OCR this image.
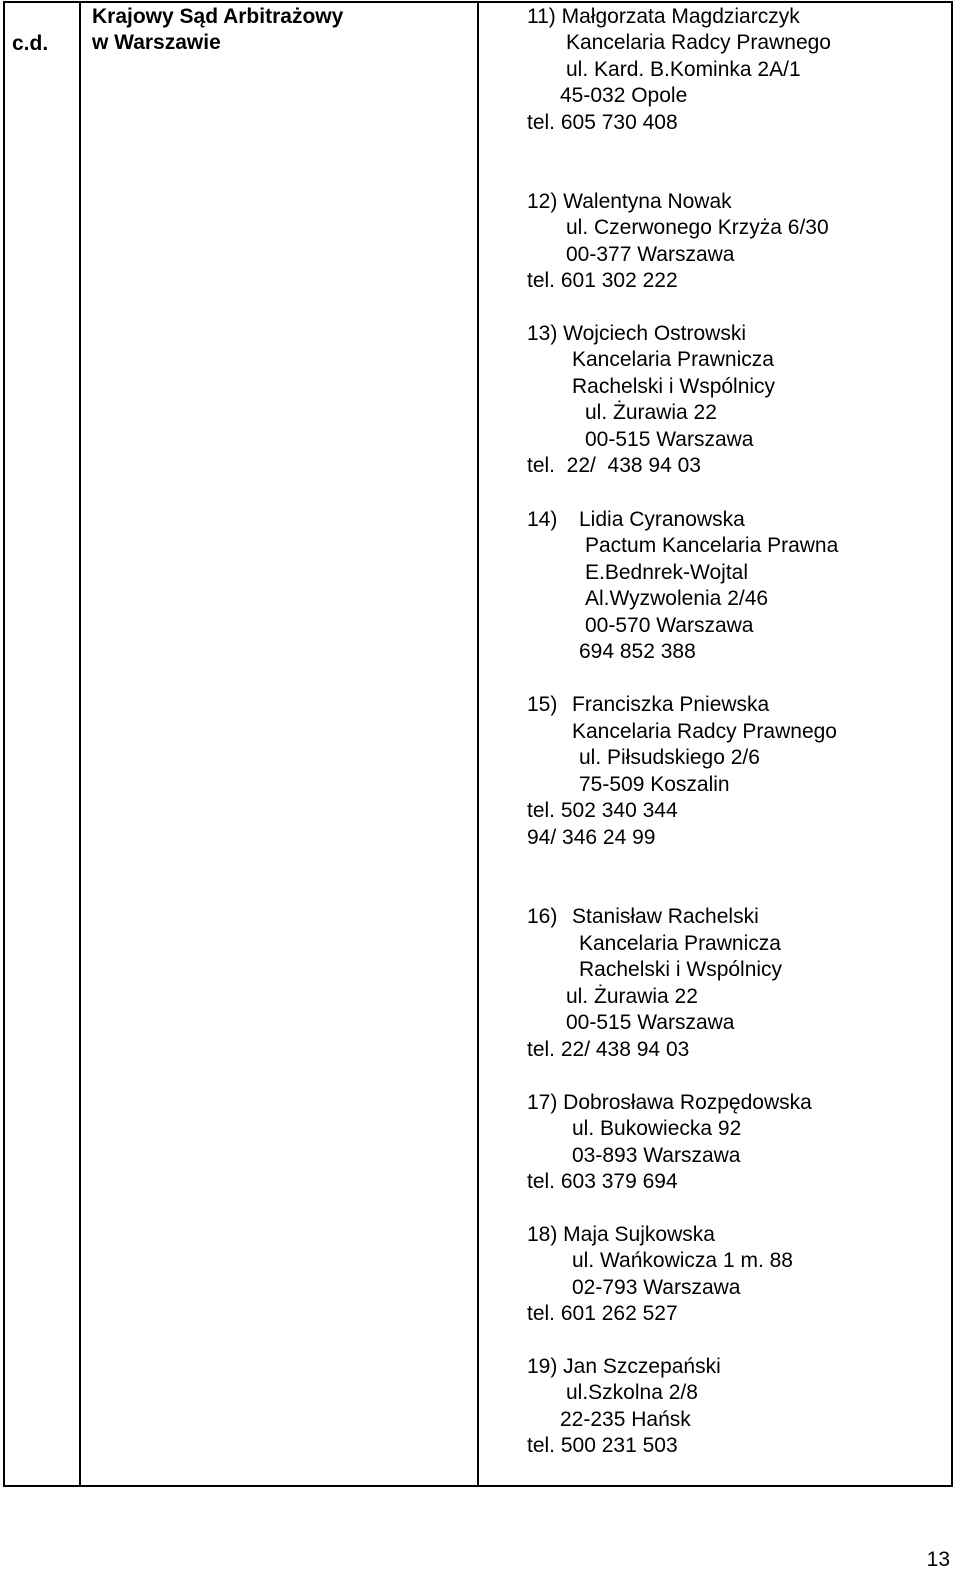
c.d.
Krajowy Sąd Arbitrażowy
w Warszawie
11) Małgorzata Magdziarczyk
Kancelaria Radcy Prawnego
ul. Kard. B.Kominka 2A/1
45-032 Opole
tel. 605 730 408
12) Walentyna Nowak
ul. Czerwonego Krzyża 6/30
00-377 Warszawa
tel. 601 302 222
13) Wojciech Ostrowski
Kancelaria Prawnicza
Rachelski i Wspólnicy
ul. Żurawia 22
00-515 Warszawa
tel.  22/  438 94 03
14) Lidia Cyranowska
Pactum Kancelaria Prawna
E.Bednrek-Wojtal
Al.Wyzwolenia 2/46
00-570 Warszawa
694 852 388
15) Franciszka Pniewska
Kancelaria Radcy Prawnego
ul. Piłsudskiego 2/6
75-509 Koszalin
tel. 502 340 344
94/ 346 24 99
16) Stanisław Rachelski
Kancelaria Prawnicza
Rachelski i Wspólnicy
ul. Żurawia 22
00-515 Warszawa
tel. 22/ 438 94 03
17) Dobrosława Rozpędowska
ul. Bukowiecka 92
03-893 Warszawa
tel. 603 379 694
18) Maja Sujkowska
ul. Wańkowicza 1 m. 88
02-793 Warszawa
tel. 601 262 527
19) Jan Szczepański
ul.Szkolna 2/8
22-235 Hańsk
tel. 500 231 503
13
